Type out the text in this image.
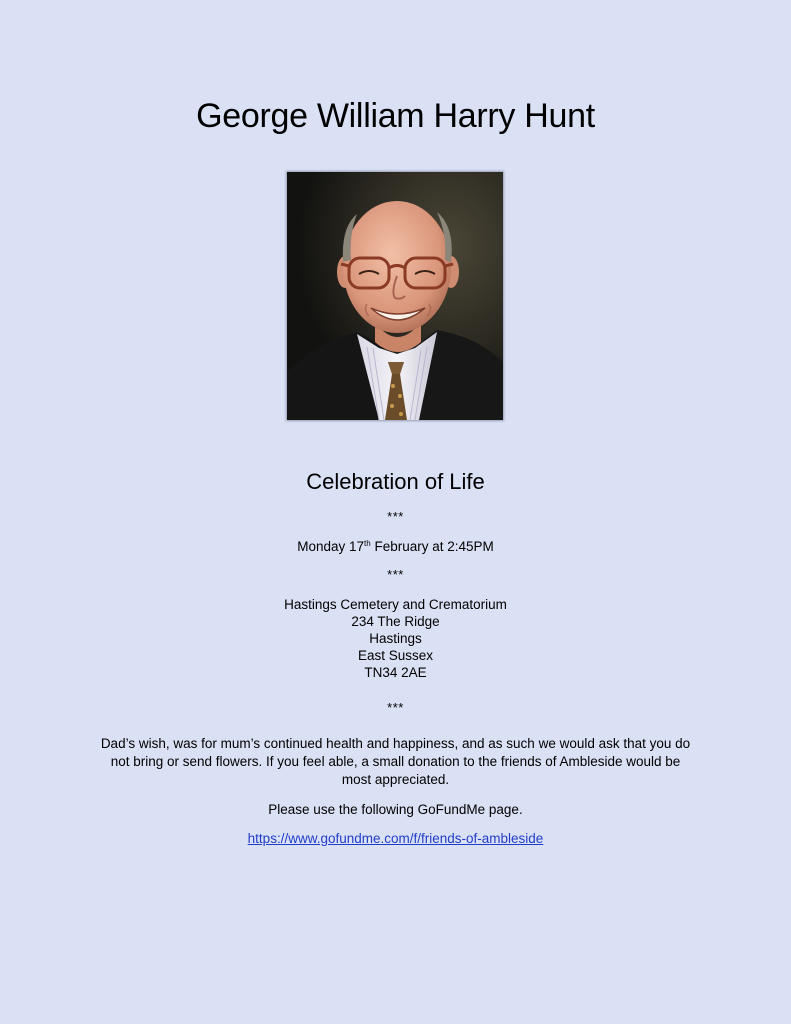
George William Harry Hunt
Celebration of Life
***
Monday 17th February at 2:45PM
***
Hastings Cemetery and Crematorium
234 The Ridge
Hastings
East Sussex
TN34 2AE
***

Dad’s wish, was for mum’s continued health and happiness, and as such we would ask that you do not bring or send flowers. If you feel able, a small donation to the friends of Ambleside would be most appreciated.

Please use the following GoFundMe page.
https://www.gofundme.com/f/friends-of-ambleside
